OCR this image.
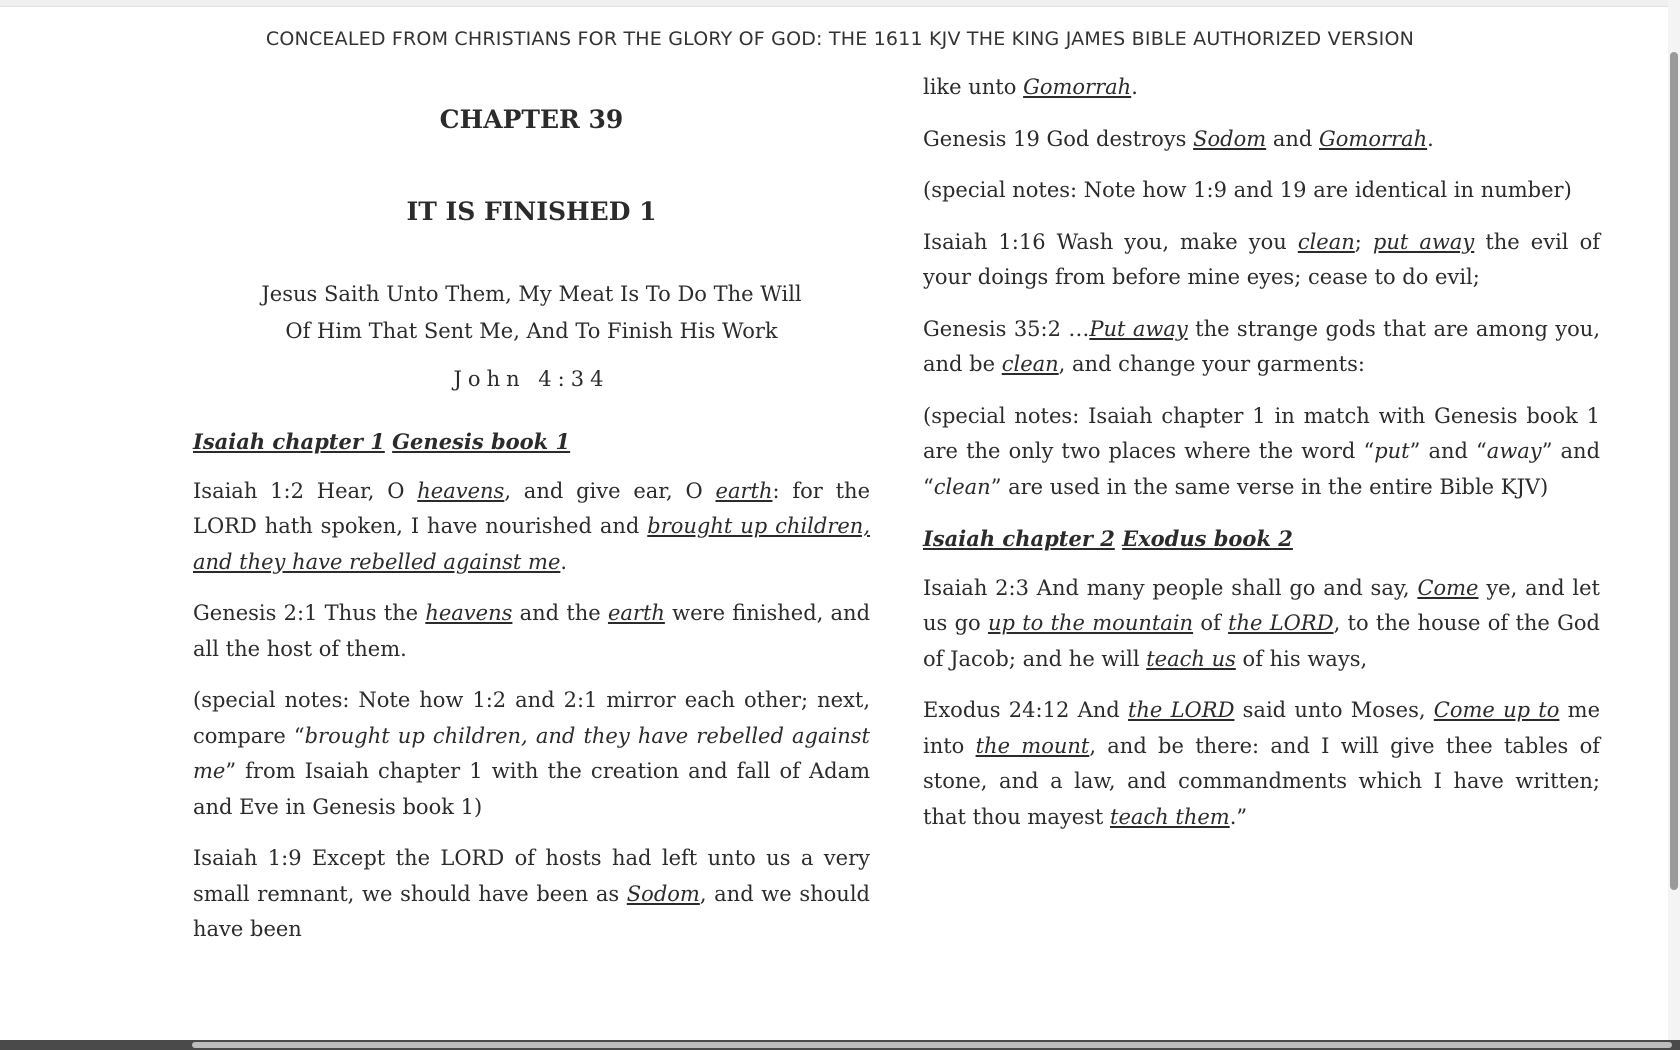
CONCEALED FROM CHRISTIANS FOR THE GLORY OF GOD: THE 1611 KJV THE KING JAMES BIBLE AUTHORIZED VERSION
CHAPTER 39
IT IS FINISHED 1
Jesus Saith Unto Them, My Meat Is To Do The Will
Of Him That Sent Me, And To Finish His Work
John 4:34

Isaiah chapter 1 Genesis book 1

Isaiah 1:2 Hear, O heavens, and give ear, O earth: for the LORD hath spoken, I have nourished and brought up children, and they have rebelled against me.

Genesis 2:1 Thus the heavens and the earth were finished, and all the host of them.

(special notes: Note how 1:2 and 2:1 mirror each other; next, compare “brought up children, and they have rebelled against me” from Isaiah chapter 1 with the creation and fall of Adam and Eve in Genesis book 1)

Isaiah 1:9 Except the LORD of hosts had left unto us a very small remnant, we should have been as Sodom, and we should have been

like unto Gomorrah.

Genesis 19 God destroys Sodom and Gomorrah.

(special notes: Note how 1:9 and 19 are identical in number)

Isaiah 1:16 Wash you, make you clean; put away the evil of your doings from before mine eyes; cease to do evil;

Genesis 35:2 …Put away the strange gods that are among you, and be clean, and change your garments:

(special notes: Isaiah chapter 1 in match with Genesis book 1 are the only two places where the word “put” and “away” and “clean” are used in the same verse in the entire Bible KJV)

Isaiah chapter 2 Exodus book 2

Isaiah 2:3 And many people shall go and say, Come ye, and let us go up to the mountain of the LORD, to the house of the God of Jacob; and he will teach us of his ways,

Exodus 24:12 And the LORD said unto Moses, Come up to me into the mount, and be there: and I will give thee tables of stone, and a law, and commandments which I have written; that thou mayest teach them.”
